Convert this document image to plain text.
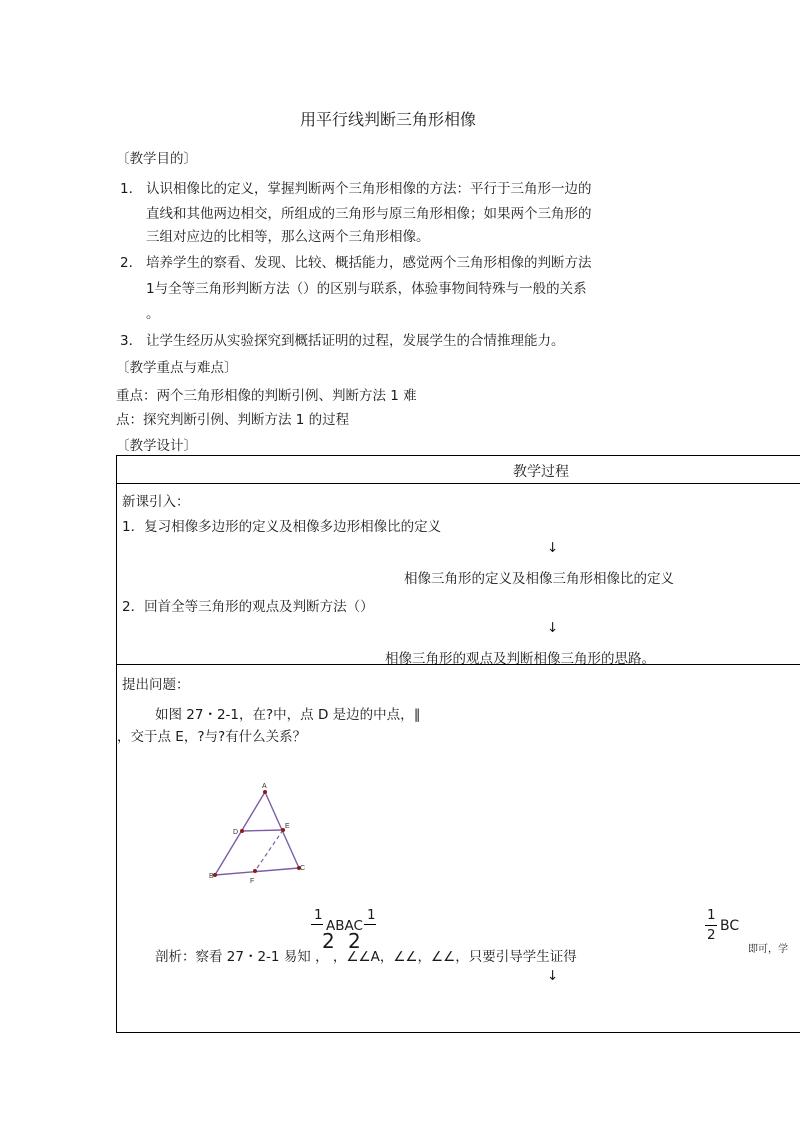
用平行线判断三角形相像
〔教学目的〕
1． 认识相像比的定义，掌握判断两个三角形相像的方法：平行于三角形一边的
直线和其他两边相交，所组成的三角形与原三角形相像；如果两个三角形的
三组对应边的比相等，那么这两个三角形相像。
2． 培养学生的察看、发现、比较、概括能力，感觉两个三角形相像的判断方法
1与全等三角形判断方法（）的区别与联系，体验事物间特殊与一般的关系
。
3． 让学生经历从实验探究到概括证明的过程，发展学生的合情推理能力。
〔教学重点与难点〕
重点：两个三角形相像的判断引例、判断方法 1 难
点：探究判断引例、判断方法 1 的过程
〔教学设计〕
教学过程
新课引入：
1．复习相像多边形的定义及相像多边形相像比的定义
↓
相像三角形的定义及相像三角形相像比的定义
2．回首全等三角形的观点及判断方法（）
↓
相像三角形的观点及判断相像三角形的思路。
提出问题：
如图 27・2-1，在?中，点 D 是边的中点，∥
，交于点 E，?与?有什么关系？
A
D
E
B
F
C
1
ABAC
1
2 2
1
2
BC
即可，学
剖析：察看 27・2-1 易知 ， ，∠∠A，∠∠，∠∠，只要引导学生证得
↓
